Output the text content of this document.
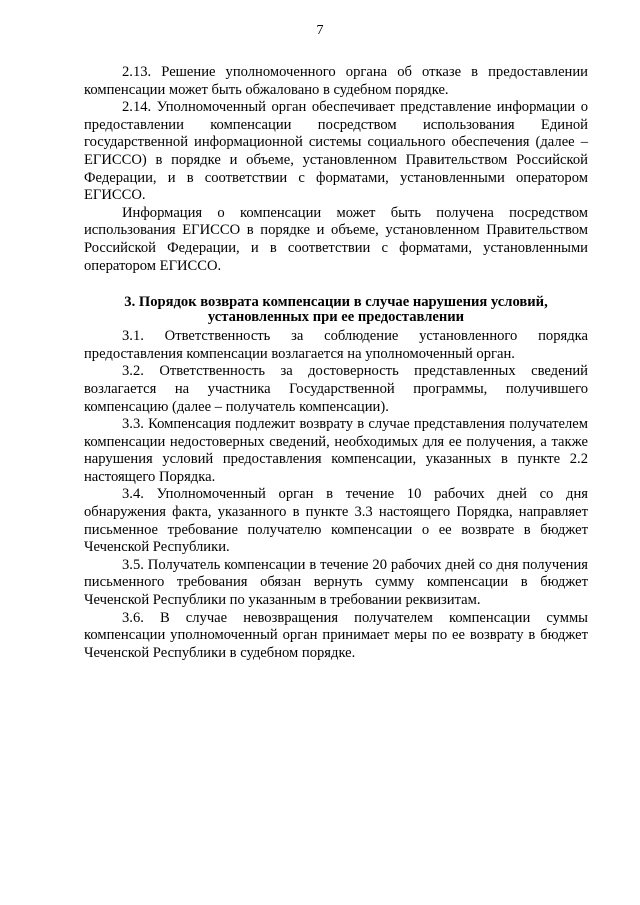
7

2.13. Решение уполномоченного органа об отказе в предоставлении компенсации может быть обжаловано в судебном порядке.

2.14. Уполномоченный орган обеспечивает представление информации о предоставлении компенсации посредством использования Единой государственной информационной системы социального обеспечения (далее – ЕГИССО) в порядке и объеме, установленном Правительством Российской Федерации, и в соответствии с форматами, установленными оператором ЕГИССО.

Информация о компенсации может быть получена посредством использования ЕГИССО в порядке и объеме, установленном Правительством Российской Федерации, и в соответствии с форматами, установленными оператором ЕГИССО.

3. Порядок возврата компенсации в случае нарушения условий,
установленных при ее предоставлении

3.1. Ответственность за соблюдение установленного порядка предоставления компенсации возлагается на уполномоченный орган.

3.2. Ответственность за достоверность представленных сведений возлагается на участника Государственной программы, получившего компенсацию (далее – получатель компенсации).

3.3. Компенсация подлежит возврату в случае представления получателем компенсации недостоверных сведений, необходимых для ее получения, а также нарушения условий предоставления компенсации, указанных в пункте 2.2 настоящего Порядка.

3.4. Уполномоченный орган в течение 10 рабочих дней со дня обнаружения факта, указанного в пункте 3.3 настоящего Порядка, направляет письменное требование получателю компенсации о ее возврате в бюджет Чеченской Республики.

3.5. Получатель компенсации в течение 20 рабочих дней со дня получения письменного требования обязан вернуть сумму компенсации в бюджет Чеченской Республики по указанным в требовании реквизитам.

3.6. В случае невозвращения получателем компенсации суммы компенсации уполномоченный орган принимает меры по ее возврату в бюджет Чеченской Республики в судебном порядке.
